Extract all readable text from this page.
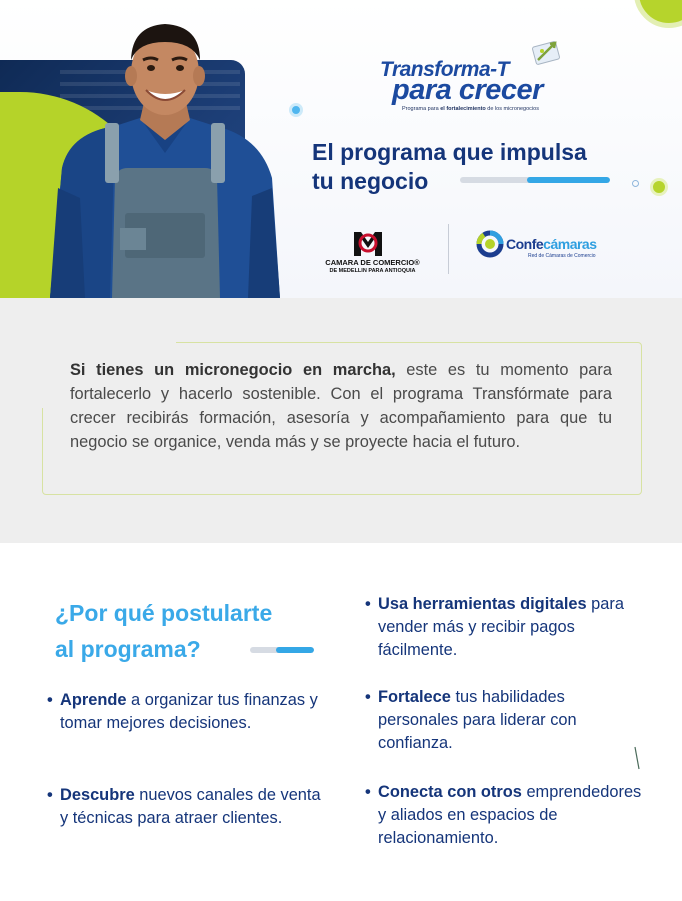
Transforma-T
para crecer
Programa para el fortalecimiento de los micronegocios
El programa que impulsa
tu negocio
CAMARA DE COMERCIO®
DE MEDELLIN PARA ANTIOQUIA
Confecámaras
Red de Cámaras de Comercio

Si tienes un micronegocio en marcha, este es tu momento para fortalecerlo y hacerlo sostenible. Con el programa Transfórmate para crecer recibirás formación, asesoría y acompañamiento para que tu negocio se organice, venda más y se proyecte hacia el futuro.

¿Por qué postularte
al programa?
• Aprende a organizar tus finanzas y tomar mejores decisiones.
• Descubre nuevos canales de venta y técnicas para atraer clientes.
• Usa herramientas digitales para vender más y recibir pagos fácilmente.
• Fortalece tus habilidades personales para liderar con confianza.
• Conecta con otros emprendedores y aliados en espacios de relacionamiento.
